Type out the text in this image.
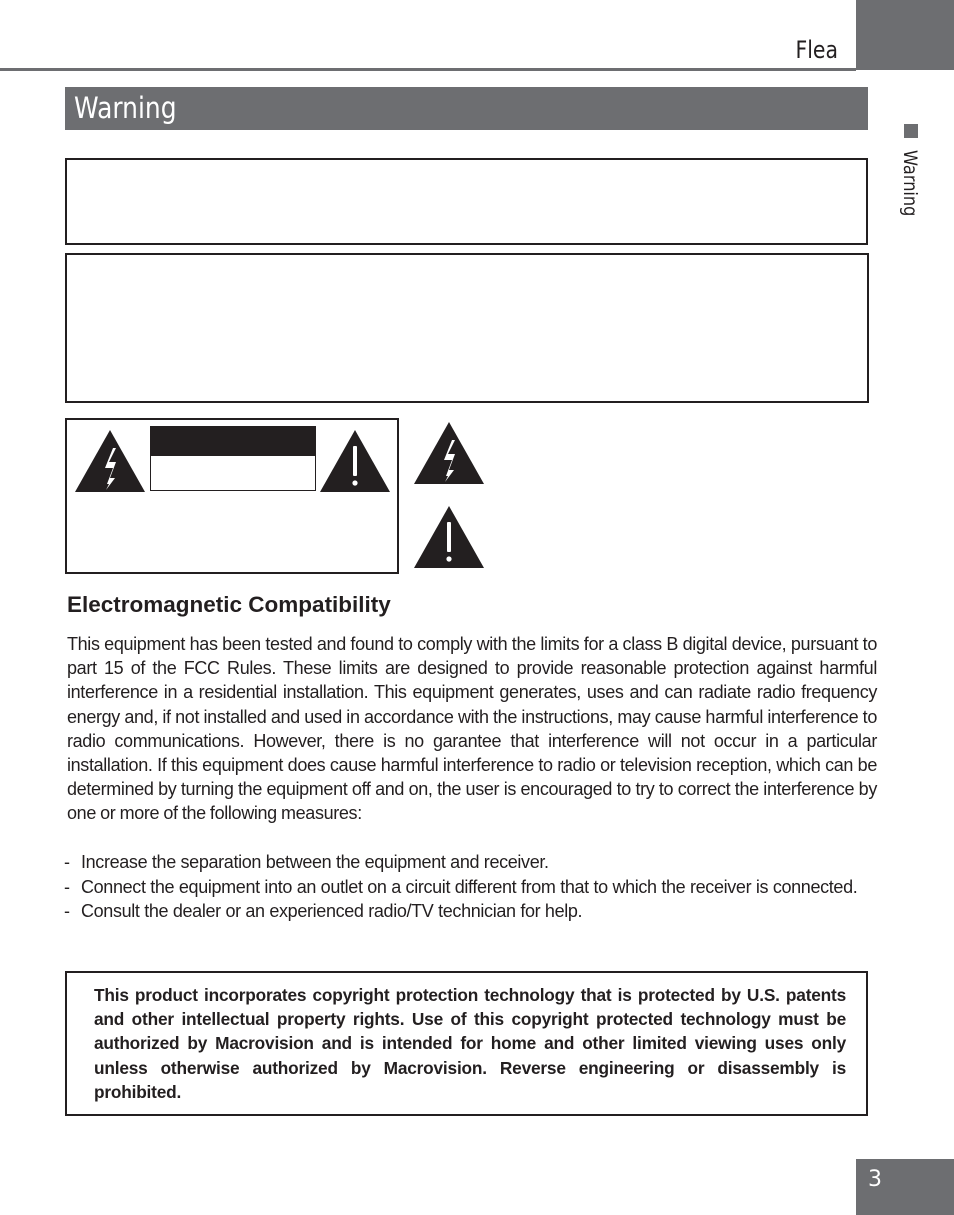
Flea
Warning
Warning
Electromagnetic Compatibility
This equipment has been tested and found to comply with the limits for a class B digital device, pursuant to part 15 of the FCC Rules. These limits are designed to provide reasonable protection against harmful interference in a residential installation. This equipment generates, uses and can radiate radio frequency energy and, if not installed and used in accordance with the instructions, may cause harmful interference to radio communications. However, there is no garantee that interference will not occur in a particular installation. If this equipment does cause harmful interference to radio or television reception, which can be determined by turning the equipment off and on, the user is encouraged to try to correct the interference by one or more of the following measures:
- Increase the separation between the equipment and receiver.
- Connect the equipment into an outlet on a circuit different from that to which the receiver is connected.
- Consult the dealer or an experienced radio/TV technician for help.
This product incorporates copyright protection technology that is protected by U.S. patents and other intellectual property rights. Use of this copyright protected technology must be authorized by Macrovision and is intended for home and other limited viewing uses only unless otherwise authorized by Macrovision. Reverse engineering or disassembly is prohibited.
3
